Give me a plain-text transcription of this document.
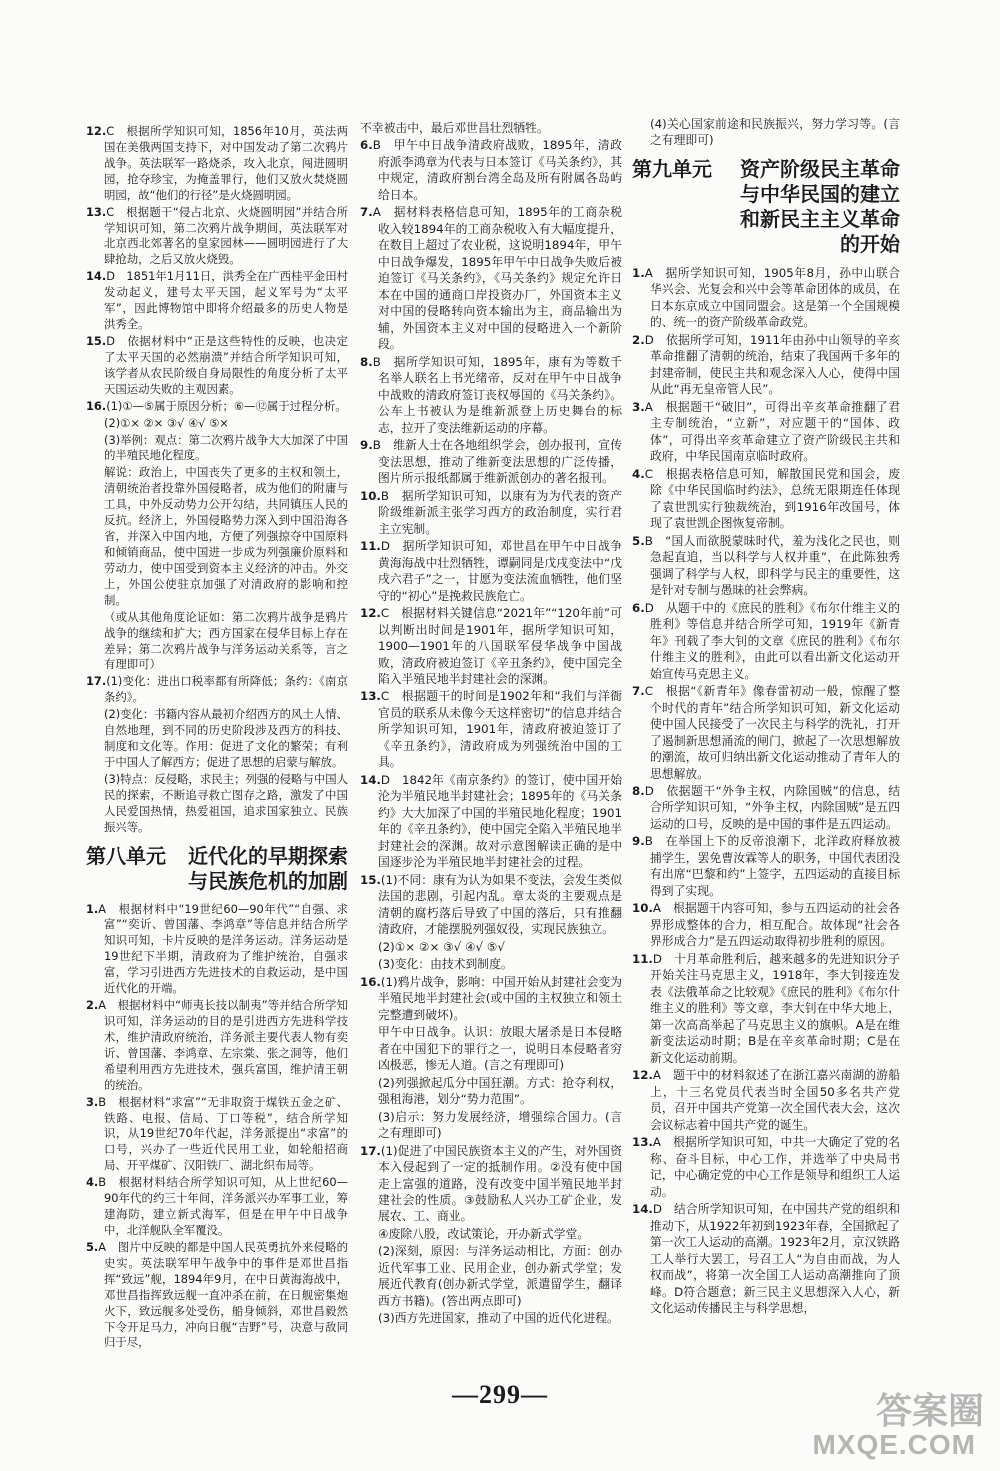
12.C　根据所学知识可知，1856年10月，英法两国在美俄两国支持下，对中国发动了第二次鸦片战争。英法联军一路烧杀，攻入北京，闯进圆明园，抢夺珍宝，为掩盖罪行，他们又放火焚烧圆明园，故“他们的行径”是火烧圆明园。

13.C　根据题干“侵占北京、火烧圆明园”并结合所学知识可知，第二次鸦片战争期间，英法联军对北京西北郊著名的皇家园林——圆明园进行了大肆抢劫，之后又放火烧毁。

14.D　1851年1月11日，洪秀全在广西桂平金田村发动起义，建号太平天国，起义军号为“太平军”，因此博物馆中即将介绍最多的历史人物是洪秀全。

15.D　依据材料中“正是这些特性的反映，也决定了太平天国的必然崩溃”并结合所学知识可知，该学者从农民阶级自身局限性的角度分析了太平天国运动失败的主观因素。

16.(1)①—⑤属于原因分析；⑥—⑫属于过程分析。

(2)①× ②× ③√ ④√ ⑤×

(3)举例：观点：第二次鸦片战争大大加深了中国的半殖民地化程度。

解说：政治上，中国丧失了更多的主权和领土，清朝统治者投靠外国侵略者，成为他们的附庸与工具，中外反动势力公开勾结，共同镇压人民的反抗。经济上，外国侵略势力深入到中国沿海各省，并深入中国内地，方便了列强掠夺中国原料和倾销商品，使中国进一步成为列强廉价原料和劳动力，使中国受到资本主义经济的冲击。外交上，外国公使驻京加强了对清政府的影响和控制。

（或从其他角度论证如：第二次鸦片战争是鸦片战争的继续和扩大；西方国家在侵华目标上存在差异；第二次鸦片战争与洋务运动关系等，言之有理即可）

17.(1)变化：进出口税率都有所降低；条约：《南京条约》。

(2)变化：书籍内容从最初介绍西方的风土人情、自然地理，到不同的历史阶段涉及西方的科技、制度和文化等。作用：促进了文化的繁荣；有利于中国人了解西方；促进了思想的启蒙与解放。

(3)特点：反侵略，求民主；列强的侵略与中国人民的探索，不断追寻救亡图存之路，激发了中国人民爱国热情，热爱祖国，追求国家独立、民族振兴等。

第八单元	近代化的早期探索
与民族危机的加剧

1.A　根据材料中“19世纪60—90年代”“自强、求富”“奕䜣、曾国藩、李鸿章”等信息并结合所学知识可知，卡片反映的是洋务运动。洋务运动是19世纪下半期，清政府为了维护统治，自强求富，学习引进西方先进技术的自救运动，是中国近代化的开端。

2.A　根据材料中“师夷长技以制夷”等并结合所学知识可知，洋务运动的目的是引进西方先进科学技术，维护清政府统治，洋务派主要代表人物有奕䜣、曾国藩、李鸿章、左宗棠、张之洞等，他们希望利用西方先进技术，强兵富国，维护清王朝的统治。

3.B　根据材料“求富”“无非取资于煤铁五金之矿、铁路、电报、信局、丁口等税”，结合所学知识，从19世纪70年代起，洋务派提出“求富”的口号，兴办了一些近代民用工业，如轮船招商局、开平煤矿、汉阳铁厂、湖北织布局等。

4.B　根据材料结合所学知识可知，从上世纪60—90年代的约三十年间，洋务派兴办军事工业，筹建海防，建立新式海军，但是在甲午中日战争中，北洋舰队全军覆没。

5.A　图片中反映的都是中国人民英勇抗外来侵略的史实。英法联军甲午战争中的事件是邓世昌指挥“致远”舰，1894年9月，在中日黄海海战中，邓世昌指挥致远舰一直冲杀在前，在日舰密集炮火下，致远舰多处受伤，船身倾斜，邓世昌毅然下令开足马力，冲向日舰“吉野”号，决意与敌同归于尽，

不幸被击中，最后邓世昌壮烈牺牲。

6.B　甲午中日战争清政府战败，1895年，清政府派李鸿章为代表与日本签订《马关条约》，其中规定，清政府割台湾全岛及所有附属各岛屿给日本。

7.A　据材料表格信息可知，1895年的工商杂税收入较1894年的工商杂税收入有大幅度提升，在数目上超过了农业税，这说明1894年，甲午中日战争爆发，1895年甲午中日战争失败后被迫签订《马关条约》，《马关条约》规定允许日本在中国的通商口岸投资办厂，外国资本主义对中国的侵略转向资本输出为主，商品输出为辅，外国资本主义对中国的侵略进入一个新阶段。

8.B　据所学知识可知，1895年，康有为等数千名举人联名上书光绪帝，反对在甲午中日战争中战败的清政府签订丧权辱国的《马关条约》。公车上书被认为是维新派登上历史舞台的标志，拉开了变法维新运动的序幕。

9.B　维新人士在各地组织学会，创办报刊，宣传变法思想，推动了维新变法思想的广泛传播，图片所示报纸都属于维新派创办的著名报刊。

10.B　据所学知识可知，以康有为为代表的资产阶级维新派主张学习西方的政治制度，实行君主立宪制。

11.D　据所学知识可知，邓世昌在甲午中日战争黄海海战中壮烈牺牲，谭嗣同是戊戌变法中“戊戌六君子”之一，甘愿为变法流血牺牲，他们坚守的“初心”是挽救民族危亡。

12.C　根据材料关键信息“2021年”“120年前”可以判断出时间是1901年，据所学知识可知，1900—1901年的八国联军侵华战争中国战败，清政府被迫签订《辛丑条约》，使中国完全陷入半殖民地半封建社会的深渊。

13.C　根据题干的时间是1902年和“我们与洋衙官员的联系从未像今天这样密切”的信息并结合所学知识可知，1901年，清政府被迫签订了《辛丑条约》，清政府成为列强统治中国的工具。

14.D　1842年《南京条约》的签订，使中国开始沦为半殖民地半封建社会；1895年的《马关条约》大大加深了中国的半殖民地化程度；1901年的《辛丑条约》，使中国完全陷入半殖民地半封建社会的深渊。故对示意图解读正确的是中国逐步沦为半殖民地半封建社会的过程。

15.(1)不同：康有为认为如果不变法，会发生类似法国的悲剧，引起内乱。章太炎的主要观点是清朝的腐朽落后导致了中国的落后，只有推翻清政府，才能摆脱列强奴役，实现民族独立。

(2)①× ②× ③√ ④√ ⑤√

(3)变化：由技术到制度。

16.(1)鸦片战争，影响：中国开始从封建社会变为半殖民地半封建社会(或中国的主权独立和领土完整遭到破坏)。

甲午中日战争。认识：放眼大屠杀是日本侵略者在中国犯下的罪行之一，说明日本侵略者穷凶极恶，惨无人道。(言之有理即可)

(2)列强掀起瓜分中国狂潮。方式：抢夺利权，强租海港，划分“势力范围”。

(3)启示：努力发展经济，增强综合国力。(言之有理即可)

17.(1)促进了中国民族资本主义的产生，对外国资本入侵起到了一定的抵制作用。②没有使中国走上富强的道路，没有改变中国半殖民地半封建社会的性质。③鼓励私人兴办工矿企业，发展农、工、商业。

④废除八股，改试策论，开办新式学堂。

(2)深刻，原因：与洋务运动相比，方面：创办近代军事工业、民用企业，创办新式学堂；发展近代教育(创办新式学堂，派遣留学生，翻译西方书籍)。(答出两点即可)

(3)西方先进国家，推动了中国的近代化进程。

(4)关心国家前途和民族振兴，努力学习等。(言之有理即可)

第九单元	资产阶级民主革命
与中华民国的建立
和新民主主义革命
的开始

1.A　据所学知识可知，1905年8月，孙中山联合华兴会、光复会和兴中会等革命团体的成员，在日本东京成立中国同盟会。这是第一个全国规模的、统一的资产阶级革命政党。

2.D　依据所学可知，1911年由孙中山领导的辛亥革命推翻了清朝的统治，结束了我国两千多年的封建帝制，使民主共和观念深入人心，使得中国从此“再无皇帝管人民”。

3.A　根据题干“破旧”，可得出辛亥革命推翻了君主专制统治，“立新”，对应题干的“国体、政体”，可得出辛亥革命建立了资产阶级民主共和政府，中华民国南京临时政府。

4.C　根据表格信息可知，解散国民党和国会，废除《中华民国临时约法》，总统无限期连任体现了袁世凯实行独裁统治，到1916年改国号，体现了袁世凯企图恢复帝制。

5.B　“国人而欲脱蒙昧时代，羞为浅化之民也，则急起直追，当以科学与人权并重”，在此陈独秀强调了科学与人权，即科学与民主的重要性，这是针对专制与愚昧的社会弊病。

6.D　从题干中的《庶民的胜利》《布尔什维主义的胜利》等信息并结合所学可知，1919年《新青年》刊载了李大钊的文章《庶民的胜利》《布尔什维主义的胜利》，由此可以看出新文化运动开始宣传马克思主义。

7.C　根据“《新青年》像春雷初动一般，惊醒了整个时代的青年”结合所学知识可知，新文化运动使中国人民接受了一次民主与科学的洗礼，打开了遏制新思想涌流的闸门，掀起了一次思想解放的潮流，故可归纳出新文化运动推动了青年人的思想解放。

8.D　依据题干“外争主权，内除国贼”的信息，结合所学知识可知，“外争主权，内除国贼”是五四运动的口号，反映的是中国的事件是五四运动。

9.B　在举国上下的反帝浪潮下，北洋政府释放被捕学生，罢免曹汝霖等人的职务，中国代表团没有出席“巴黎和约”上签字，五四运动的直接目标得到了实现。

10.A　根据题干内容可知，参与五四运动的社会各界形成整体的合力，相互配合。故体现“社会各界形成合力”是五四运动取得初步胜利的原因。

11.D　十月革命胜利后，越来越多的先进知识分子开始关注马克思主义，1918年，李大钊接连发表《法俄革命之比较观》《庶民的胜利》《布尔什维主义的胜利》等文章，李大钊在中华大地上，第一次高高举起了马克思主义的旗帜。A是在维新变法运动时期；B是在辛亥革命时期；C是在新文化运动前期。

12.A　题干中的材料叙述了在浙江嘉兴南湖的游船上，十三名党员代表当时全国50多名共产党员，召开中国共产党第一次全国代表大会，这次会议标志着中国共产党的诞生。

13.A　根据所学知识可知，中共一大确定了党的名称、奋斗目标，中心工作，并选举了中央局书记，中心确定党的中心工作是领导和组织工人运动。

14.D　结合所学知识可知，在中国共产党的组织和推动下，从1922年初到1923年春，全国掀起了第一次工人运动的高潮。1923年2月，京汉铁路工人举行大罢工，号召工人“为自由而战，为人权而战”，将第一次全国工人运动高潮推向了顶峰。D符合题意；新三民主义思想深入人心，新文化运动传播民主与科学思想，

—299—	答案圈
MXQE.COM
